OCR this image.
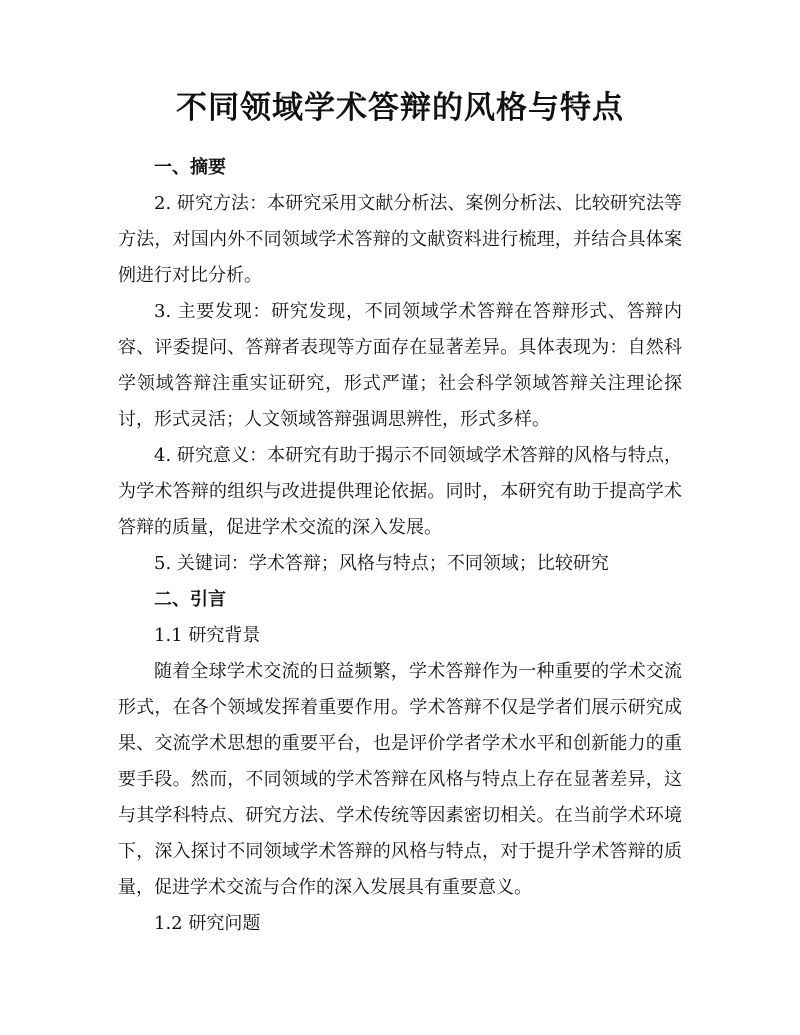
不同领域学术答辩的风格与特点

一、摘要

2. 研究方法：本研究采用文献分析法、案例分析法、比较研究法等方法，对国内外不同领域学术答辩的文献资料进行梳理，并结合具体案例进行对比分析。

3. 主要发现：研究发现，不同领域学术答辩在答辩形式、答辩内容、评委提问、答辩者表现等方面存在显著差异。具体表现为：自然科学领域答辩注重实证研究，形式严谨；社会科学领域答辩关注理论探讨，形式灵活；人文领域答辩强调思辨性，形式多样。

4. 研究意义：本研究有助于揭示不同领域学术答辩的风格与特点，为学术答辩的组织与改进提供理论依据。同时，本研究有助于提高学术答辩的质量，促进学术交流的深入发展。

5. 关键词：学术答辩；风格与特点；不同领域；比较研究

二、引言

1.1 研究背景

随着全球学术交流的日益频繁，学术答辩作为一种重要的学术交流形式，在各个领域发挥着重要作用。学术答辩不仅是学者们展示研究成果、交流学术思想的重要平台，也是评价学者学术水平和创新能力的重要手段。然而，不同领域的学术答辩在风格与特点上存在显著差异，这与其学科特点、研究方法、学术传统等因素密切相关。在当前学术环境下，深入探讨不同领域学术答辩的风格与特点，对于提升学术答辩的质量，促进学术交流与合作的深入发展具有重要意义。

1.2 研究问题
